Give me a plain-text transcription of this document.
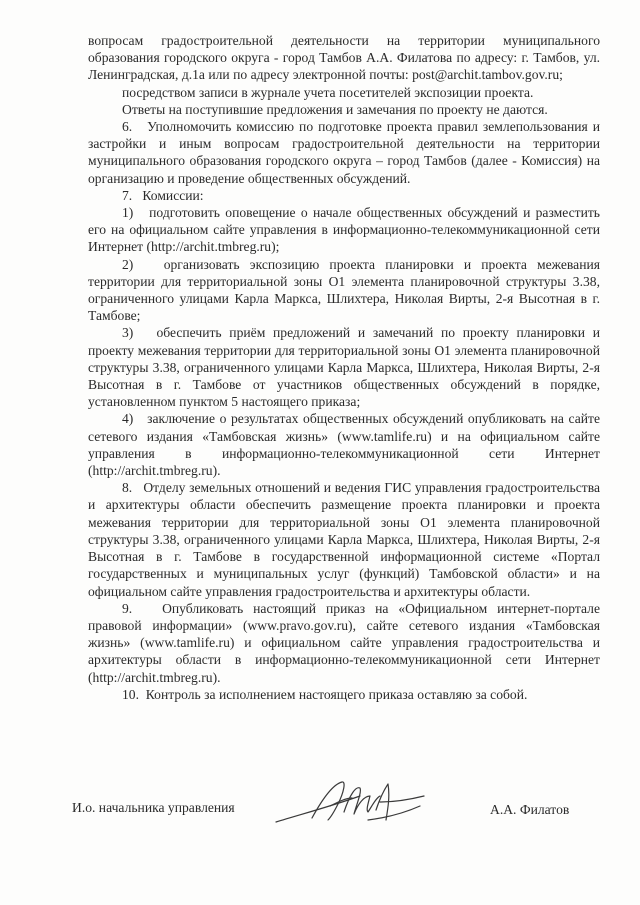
вопросам градостроительной деятельности на территории муниципального образования городского округа - город Тамбов А.А. Филатова по адресу: г. Тамбов, ул. Ленинградская, д.1а или по адресу электронной почты: post@archit.tambov.gov.ru;

посредством записи в журнале учета посетителей экспозиции проекта.

Ответы на поступившие предложения и замечания по проекту не даются.

6.   Уполномочить комиссию по подготовке проекта правил землепользования и застройки и иным вопросам градостроительной деятельности на территории муниципального образования городского округа – город Тамбов (далее - Комиссия) на организацию и проведение общественных обсуждений.

7.   Комиссии:

1)   подготовить оповещение о начале общественных обсуждений и разместить его на официальном сайте управления в информационно-телекоммуникационной сети Интернет (http://archit.tmbreg.ru);

2)   организовать экспозицию проекта планировки и проекта межевания территории для территориальной зоны О1 элемента планировочной структуры 3.38, ограниченного улицами Карла Маркса, Шлихтера, Николая Вирты, 2-я Высотная в г. Тамбове;

3)   обеспечить приём предложений и замечаний по проекту планировки и проекту межевания территории для территориальной зоны О1 элемента планировочной структуры 3.38, ограниченного улицами Карла Маркса, Шлихтера, Николая Вирты, 2-я Высотная в г. Тамбове от участников общественных обсуждений в порядке, установленном пунктом 5 настоящего приказа;

4)   заключение о результатах общественных обсуждений опубликовать на сайте сетевого издания «Тамбовская жизнь» (www.tamlife.ru) и на официальном сайте управления в информационно-телекоммуникационной сети Интернет (http://archit.tmbreg.ru).

8.   Отделу земельных отношений и ведения ГИС управления градостроительства и архитектуры области обеспечить размещение проекта планировки и проекта межевания территории для территориальной зоны О1 элемента планировочной структуры 3.38, ограниченного улицами Карла Маркса, Шлихтера, Николая Вирты, 2-я Высотная в г. Тамбове в государственной информационной системе «Портал государственных и муниципальных услуг (функций) Тамбовской области» и на официальном сайте управления градостроительства и архитектуры области.

9.   Опубликовать настоящий приказ на «Официальном интернет-портале правовой информации» (www.pravo.gov.ru), сайте сетевого издания «Тамбовская жизнь» (www.tamlife.ru) и официальном сайте управления градостроительства и архитектуры области в информационно-телекоммуникационной сети Интернет (http://archit.tmbreg.ru).

10.  Контроль за исполнением настоящего приказа оставляю за собой.

И.о. начальника управления	А.А. Филатов
